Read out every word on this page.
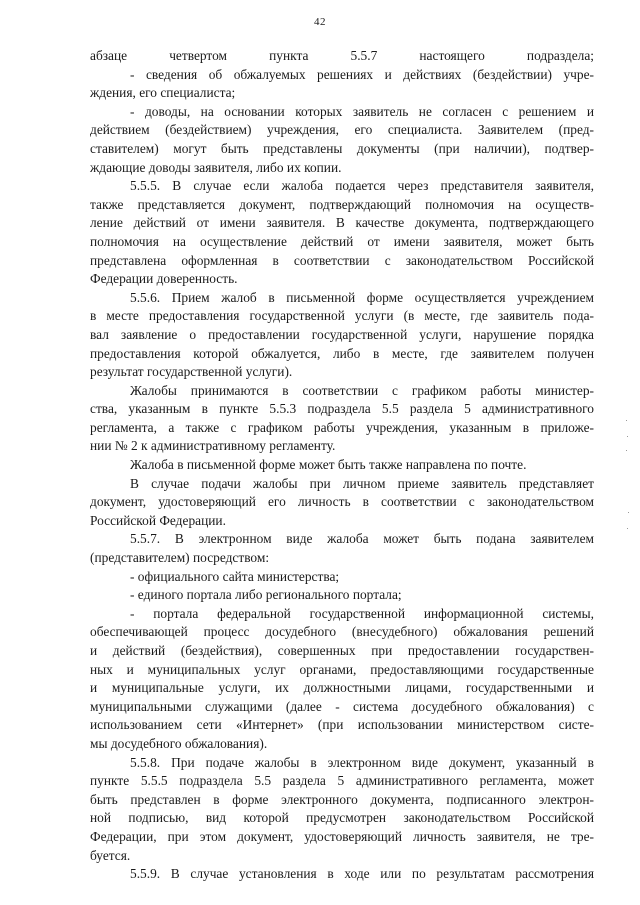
42
абзаце четвертом пункта 5.5.7 настоящего подраздела;
- сведения об обжалуемых решениях и действиях (бездействии) учре-
ждения, его специалиста;
- доводы, на основании которых заявитель не согласен с решением и
действием (бездействием) учреждения, его специалиста. Заявителем (пред-
ставителем) могут быть представлены документы (при наличии), подтвер-
ждающие доводы заявителя, либо их копии.
5.5.5. В случае если жалоба подается через представителя заявителя,
также представляется документ, подтверждающий полномочия на осуществ-
ление действий от имени заявителя. В качестве документа, подтверждающего
полномочия на осуществление действий от имени заявителя, может быть
представлена оформленная в соответствии с законодательством Российской
Федерации доверенность.
5.5.6. Прием жалоб в письменной форме осуществляется учреждением
в месте предоставления государственной услуги (в месте, где заявитель пода-
вал заявление о предоставлении государственной услуги, нарушение порядка
предоставления которой обжалуется, либо в месте, где заявителем получен
результат государственной услуги).
Жалобы принимаются в соответствии с графиком работы министер-
ства, указанным в пункте 5.5.3 подраздела 5.5 раздела 5 административного
регламента, а также с графиком работы учреждения, указанным в приложе-
нии № 2 к административному регламенту.
Жалоба в письменной форме может быть также направлена по почте.
В случае подачи жалобы при личном приеме заявитель представляет
документ, удостоверяющий его личность в соответствии с законодательством
Российской Федерации.
5.5.7. В электронном виде жалоба может быть подана заявителем
(представителем) посредством:
- официального сайта министерства;
- единого портала либо регионального портала;
- портала федеральной государственной информационной системы,
обеспечивающей процесс досудебного (внесудебного) обжалования решений
и действий (бездействия), совершенных при предоставлении государствен-
ных и муниципальных услуг органами, предоставляющими государственные
и муниципальные услуги, их должностными лицами, государственными и
муниципальными служащими (далее - система досудебного обжалования) с
использованием сети «Интернет» (при использовании министерством систе-
мы досудебного обжалования).
5.5.8. При подаче жалобы в электронном виде документ, указанный в
пункте 5.5.5 подраздела 5.5 раздела 5 административного регламента, может
быть представлен в форме электронного документа, подписанного электрон-
ной подписью, вид которой предусмотрен законодательством Российской
Федерации, при этом документ, удостоверяющий личность заявителя, не тре-
буется.
5.5.9. В случае установления в ходе или по результатам рассмотрения
